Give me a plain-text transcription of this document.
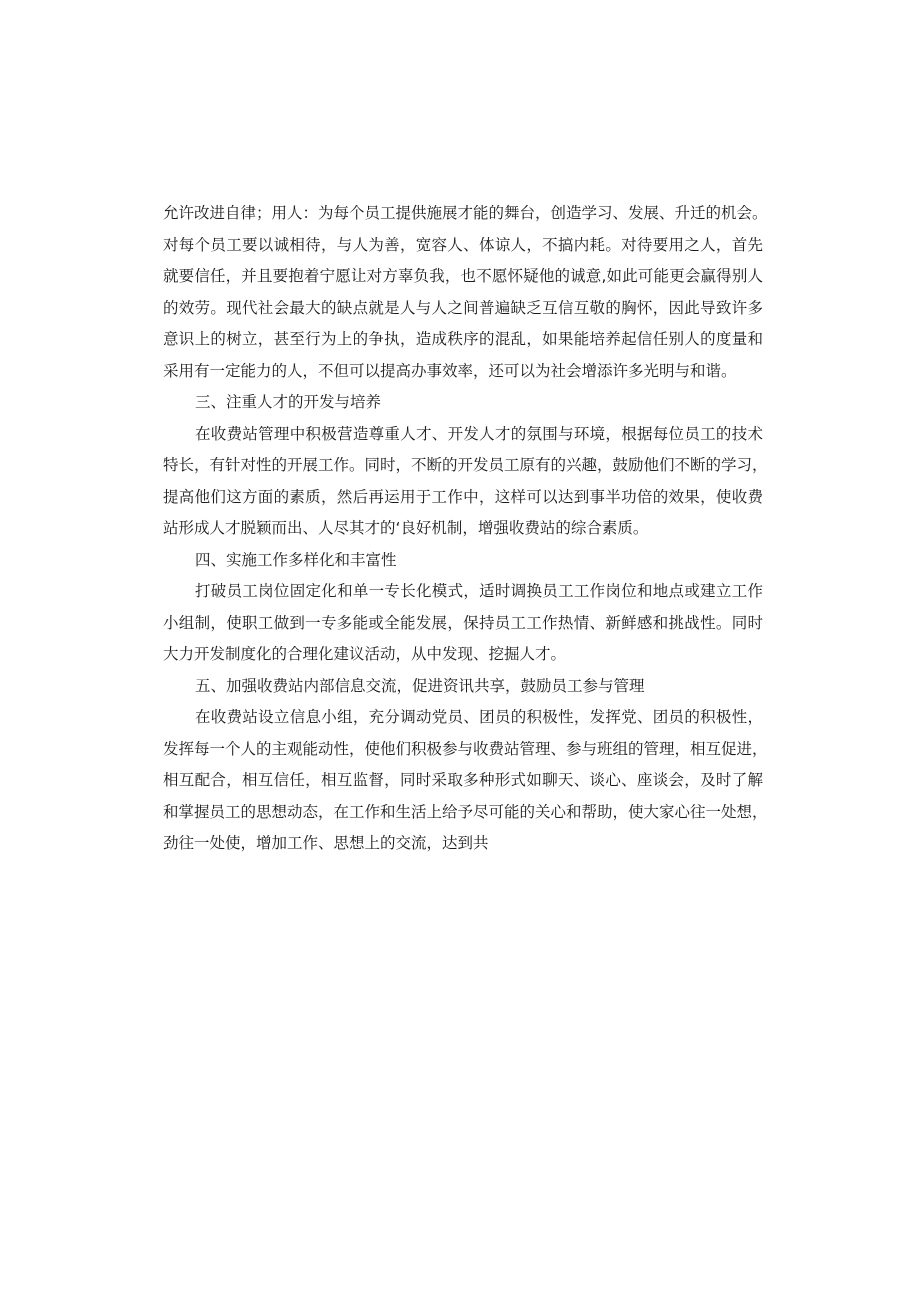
允许改进自律；用人：为每个员工提供施展才能的舞台，创造学习、发展、升迁的机会。
对每个员工要以诚相待，与人为善，宽容人、体谅人，不搞内耗。对待要用之人，首先
就要信任，并且要抱着宁愿让对方辜负我，也不愿怀疑他的诚意,如此可能更会赢得别人
的效劳。现代社会最大的缺点就是人与人之间普遍缺乏互信互敬的胸怀，因此导致许多
意识上的树立，甚至行为上的争执，造成秩序的混乱，如果能培养起信任别人的度量和
采用有一定能力的人，不但可以提高办事效率，还可以为社会增添许多光明与和谐。
三、注重人才的开发与培养
在收费站管理中积极营造尊重人才、开发人才的氛围与环境，根据每位员工的技术
特长，有针对性的开展工作。同时，不断的开发员工原有的兴趣，鼓励他们不断的学习，
提高他们这方面的素质，然后再运用于工作中，这样可以达到事半功倍的效果，使收费
站形成人才脱颖而出、人尽其才的‘良好机制，增强收费站的综合素质。
四、实施工作多样化和丰富性
打破员工岗位固定化和单一专长化模式，适时调换员工工作岗位和地点或建立工作
小组制，使职工做到一专多能或全能发展，保持员工工作热情、新鲜感和挑战性。同时
大力开发制度化的合理化建议活动，从中发现、挖掘人才。
五、加强收费站内部信息交流，促进资讯共享，鼓励员工参与管理
在收费站设立信息小组，充分调动党员、团员的积极性，发挥党、团员的积极性，
发挥每一个人的主观能动性，使他们积极参与收费站管理、参与班组的管理，相互促进，
相互配合，相互信任，相互监督，同时采取多种形式如聊天、谈心、座谈会，及时了解
和掌握员工的思想动态，在工作和生活上给予尽可能的关心和帮助，使大家心往一处想，
劲往一处使，增加工作、思想上的交流，达到共
